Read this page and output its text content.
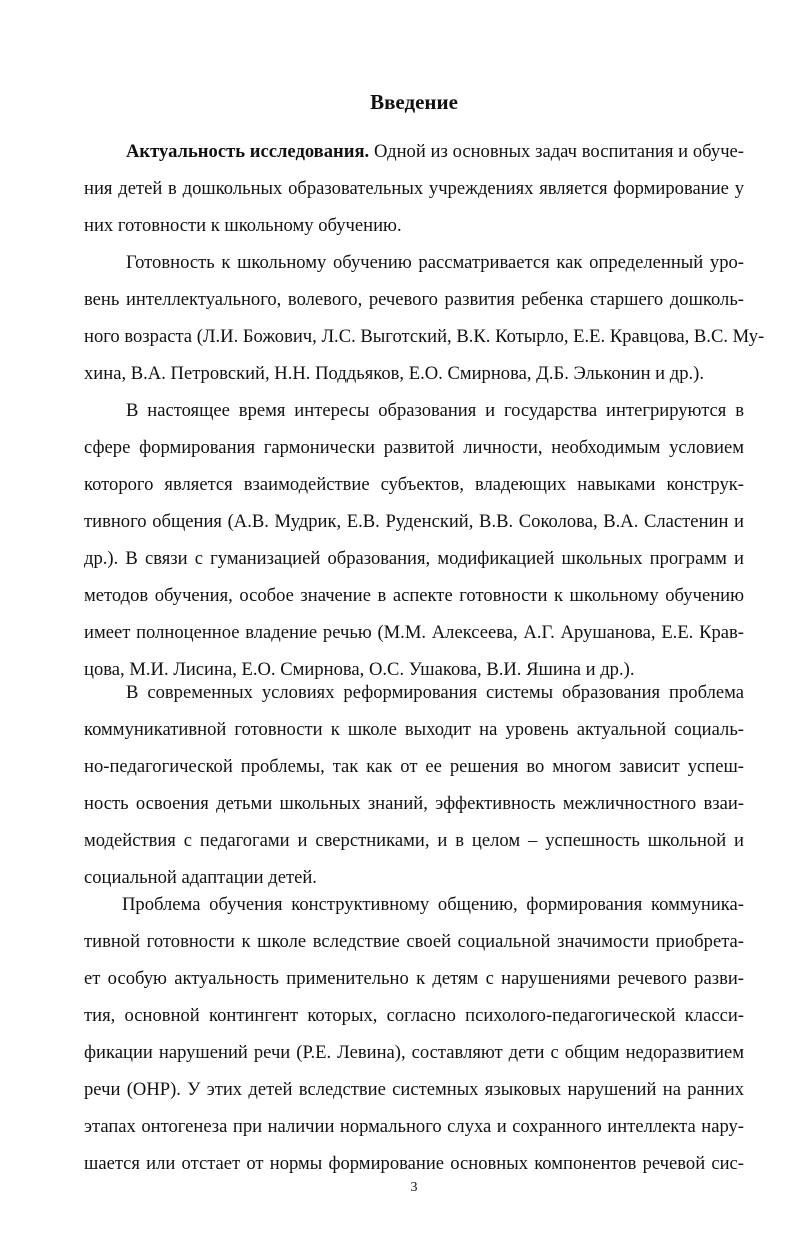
Введение
Актуальность исследования. Одной из основных задач воспитания и обуче-
ния детей в дошкольных образовательных учреждениях является формирование у
них готовности к школьному обучению.
Готовность к школьному обучению рассматривается как определенный уро-
вень интеллектуального, волевого, речевого развития ребенка старшего дошколь-
ного возраста (Л.И. Божович, Л.С. Выготский, В.К. Котырло, Е.Е. Кравцова, В.С. Му-
хина, В.А. Петровский, Н.Н. Поддьяков, Е.О. Смирнова, Д.Б. Эльконин и др.).
В настоящее время интересы образования и государства интегрируются в
сфере формирования гармонически развитой личности, необходимым условием
которого является взаимодействие субъектов, владеющих навыками конструк-
тивного общения (А.В. Мудрик, Е.В. Руденский, В.В. Соколова, В.А. Сластенин и
др.). В связи с гуманизацией образования, модификацией школьных программ и
методов обучения, особое значение в аспекте готовности к школьному обучению
имеет полноценное владение речью (М.М. Алексеева, А.Г. Арушанова, Е.Е. Крав-
цова, М.И. Лисина, Е.О. Смирнова, О.С. Ушакова, В.И. Яшина и др.).
В современных условиях реформирования системы образования проблема
коммуникативной готовности к школе выходит на уровень актуальной социаль-
но-педагогической проблемы, так как от ее решения во многом зависит успеш-
ность освоения детьми школьных знаний, эффективность межличностного взаи-
модействия с педагогами и сверстниками, и в целом – успешность школьной и
социальной адаптации детей.
Проблема обучения конструктивному общению, формирования коммуника-
тивной готовности к школе вследствие своей социальной значимости приобрета-
ет особую актуальность применительно к детям с нарушениями речевого разви-
тия, основной контингент которых, согласно психолого-педагогической класси-
фикации нарушений речи (Р.Е. Левина), составляют дети с общим недоразвитием
речи (ОНР). У этих детей вследствие системных языковых нарушений на ранних
этапах онтогенеза при наличии нормального слуха и сохранного интеллекта нару-
шается или отстает от нормы формирование основных компонентов речевой сис-
3
